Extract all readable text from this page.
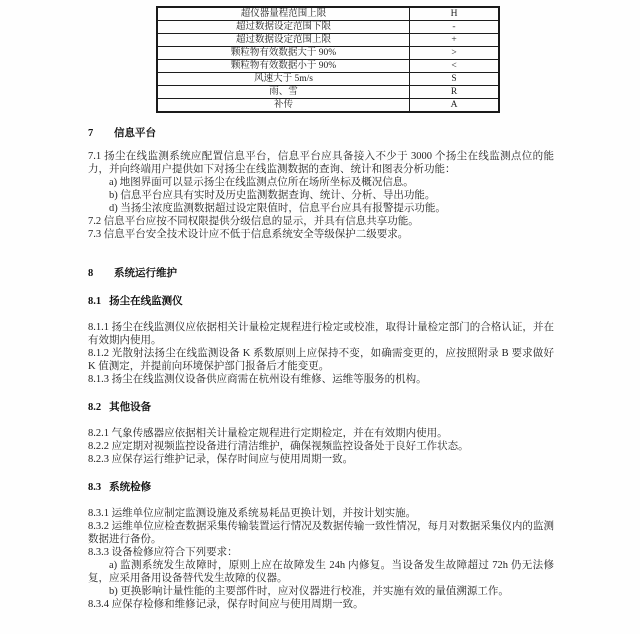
超仪器量程范围上限	H
超过数据设定范围下限	-
超过数据设定范围上限	+
颗粒物有效数据大于 90%	>
颗粒物有效数据小于 90%	<
风速大于 5m/s	S
雨、雪	R
补传	A
7 信息平台

7.1 扬尘在线监测系统应配置信息平台，信息平台应具备接入不少于 3000 个扬尘在线监测点位的能力，并向终端用户提供如下对扬尘在线监测数据的查询、统计和图表分析功能：

a) 地图界面可以显示扬尘在线监测点位所在场所坐标及概况信息。

b) 信息平台应具有实时及历史监测数据查询、统计、分析、导出功能。

d) 当扬尘浓度监测数据超过设定限值时，信息平台应具有报警提示功能。

7.2 信息平台应按不同权限提供分级信息的显示，并具有信息共享功能。

7.3 信息平台安全技术设计应不低于信息系统安全等级保护二级要求。

8 系统运行维护
8.1 扬尘在线监测仪

8.1.1 扬尘在线监测仪应依据相关计量检定规程进行检定或校准，取得计量检定部门的合格认证，并在有效期内使用。

8.1.2 光散射法扬尘在线监测设备 K 系数原则上应保持不变，如确需变更的，应按照附录 B 要求做好 K 值测定，并提前向环境保护部门报备后才能变更。

8.1.3 扬尘在线监测仪设备供应商需在杭州设有维修、运维等服务的机构。

8.2 其他设备

8.2.1 气象传感器应依据相关计量检定规程进行定期检定，并在有效期内使用。

8.2.2 应定期对视频监控设备进行清洁维护，确保视频监控设备处于良好工作状态。

8.2.3 应保存运行维护记录，保存时间应与使用周期一致。

8.3 系统检修

8.3.1 运维单位应制定监测设施及系统易耗品更换计划，并按计划实施。

8.3.2 运维单位应检查数据采集传输装置运行情况及数据传输一致性情况，每月对数据采集仪内的监测数据进行备份。

8.3.3 设备检修应符合下列要求：

a) 监测系统发生故障时，原则上应在故障发生 24h 内修复。当设备发生故障超过 72h 仍无法修复，应采用备用设备替代发生故障的仪器。

b) 更换影响计量性能的主要部件时，应对仪器进行校准，并实施有效的量值溯源工作。

8.3.4 应保存检修和维修记录，保存时间应与使用周期一致。
